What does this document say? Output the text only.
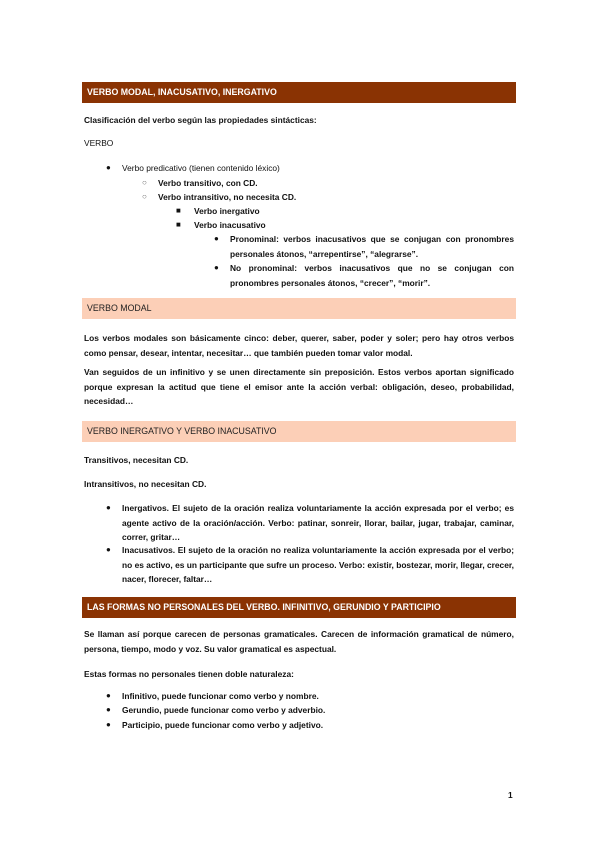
VERBO MODAL, INACUSATIVO, INERGATIVO
Clasificación del verbo según las propiedades sintácticas:
VERBO
● Verbo predicativo (tienen contenido léxico)
○ Verbo transitivo, con CD.
○ Verbo intransitivo, no necesita CD.
■ Verbo inergativo
■ Verbo inacusativo
● Pronominal: verbos inacusativos que se conjugan con pronombres personales átonos, “arrepentirse”, “alegrarse”.
● No pronominal: verbos inacusativos que no se conjugan con pronombres personales átonos, “crecer”, “morir”.
VERBO MODAL
Los verbos modales son básicamente cinco: deber, querer, saber, poder y soler; pero hay otros verbos como pensar, desear, intentar, necesitar… que también pueden tomar valor modal.
Van seguidos de un infinitivo y se unen directamente sin preposición. Estos verbos aportan significado porque expresan la actitud que tiene el emisor ante la acción verbal: obligación, deseo, probabilidad, necesidad…
VERBO INERGATIVO Y VERBO INACUSATIVO
Transitivos, necesitan CD.
Intransitivos, no necesitan CD.
● Inergativos. El sujeto de la oración realiza voluntariamente la acción expresada por el verbo; es agente activo de la oración/acción. Verbo: patinar, sonreir, llorar, bailar, jugar, trabajar, caminar, correr, gritar…
● Inacusativos. El sujeto de la oración no realiza voluntariamente la acción expresada por el verbo; no es activo, es un participante que sufre un proceso. Verbo: existir, bostezar, morir, llegar, crecer, nacer, florecer, faltar…
LAS FORMAS NO PERSONALES DEL VERBO. INFINITIVO, GERUNDIO Y PARTICIPIO
Se llaman así porque carecen de personas gramaticales. Carecen de información gramatical de número, persona, tiempo, modo y voz. Su valor gramatical es aspectual.
Estas formas no personales tienen doble naturaleza:
● Infinitivo, puede funcionar como verbo y nombre.
● Gerundio, puede funcionar como verbo y adverbio.
● Participio, puede funcionar como verbo y adjetivo.
1
